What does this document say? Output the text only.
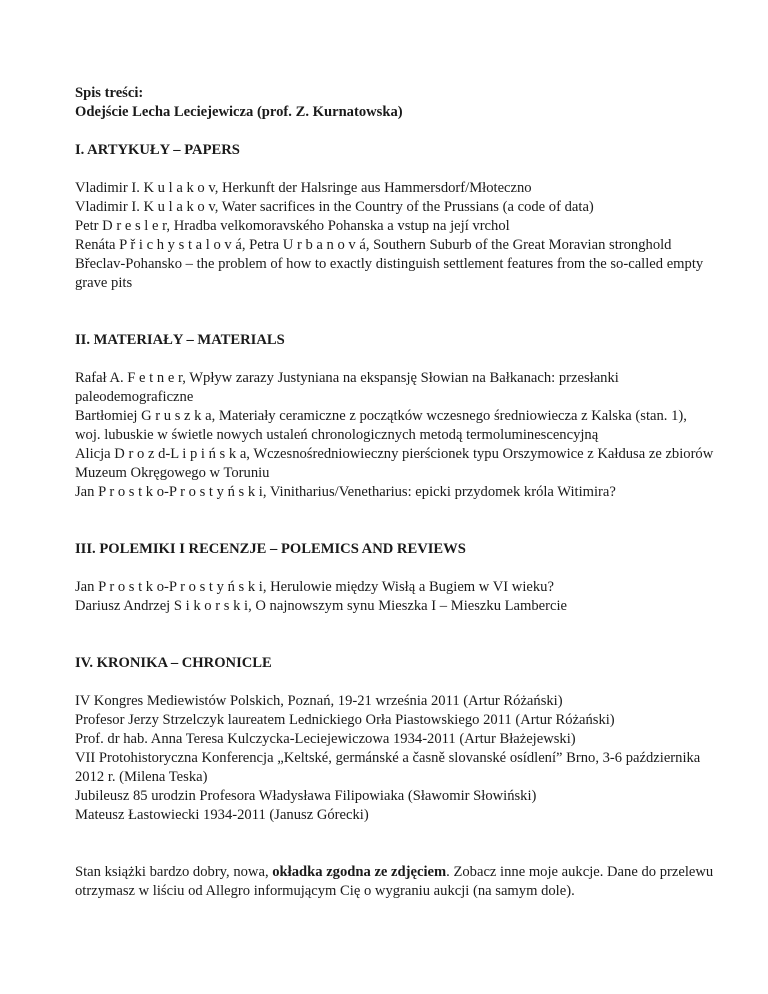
Spis treści:
Odejście Lecha Leciejewicza (prof. Z. Kurnatowska)
I. ARTYKUŁY – PAPERS
Vladimir I. K u l a k o v, Herkunft der Halsringe aus Hammersdorf/Młoteczno
Vladimir I. K u l a k o v, Water sacrifices in the Country of the Prussians (a code of data)
Petr D r e s l e r, Hradba velkomoravského Pohanska a vstup na její vrchol
Renáta P ř i c h y s t a l o v á, Petra U r b a n o v á, Southern Suburb of the Great Moravian stronghold Břeclav-Pohansko – the problem of how to exactly distinguish settlement features from the so-called empty grave pits
II. MATERIAŁY – MATERIALS
Rafał A. F e t n e r, Wpływ zarazy Justyniana na ekspansję Słowian na Bałkanach: przesłanki paleodemograficzne
Bartłomiej G r u s z k a, Materiały ceramiczne z początków wczesnego średniowiecza z Kalska (stan. 1), woj. lubuskie w świetle nowych ustaleń chronologicznych metodą termoluminescencyjną
Alicja D r o z d-L i p i ń s k a, Wczesnośredniowieczny pierścionek typu Orszymowice z Kałdusa ze zbiorów Muzeum Okręgowego w Toruniu
Jan P r o s t k o-P r o s t y ń s k i, Vinitharius/Venetharius: epicki przydomek króla Witimira?
III. POLEMIKI I RECENZJE – POLEMICS AND REVIEWS
Jan P r o s t k o-P r o s t y ń s k i, Herulowie między Wisłą a Bugiem w VI wieku?
Dariusz Andrzej S i k o r s k i, O najnowszym synu Mieszka I – Mieszku Lambercie
IV. KRONIKA – CHRONICLE
IV Kongres Mediewistów Polskich, Poznań, 19-21 września 2011 (Artur Różański)
Profesor Jerzy Strzelczyk laureatem Lednickiego Orła Piastowskiego 2011 (Artur Różański)
Prof. dr hab. Anna Teresa Kulczycka-Leciejewiczowa 1934-2011 (Artur Błażejewski)
VII Protohistoryczna Konferencja „Keltské, germánské a časně slovanské osídlení” Brno, 3-6 października 2012 r. (Milena Teska)
Jubileusz 85 urodzin Profesora Władysława Filipowiaka (Sławomir Słowiński)
Mateusz Łastowiecki 1934-2011 (Janusz Górecki)

Stan książki bardzo dobry, nowa, okładka zgodna ze zdjęciem. Zobacz inne moje aukcje. Dane do przelewu otrzymasz w liściu od Allegro informującym Cię o wygraniu aukcji (na samym dole).
